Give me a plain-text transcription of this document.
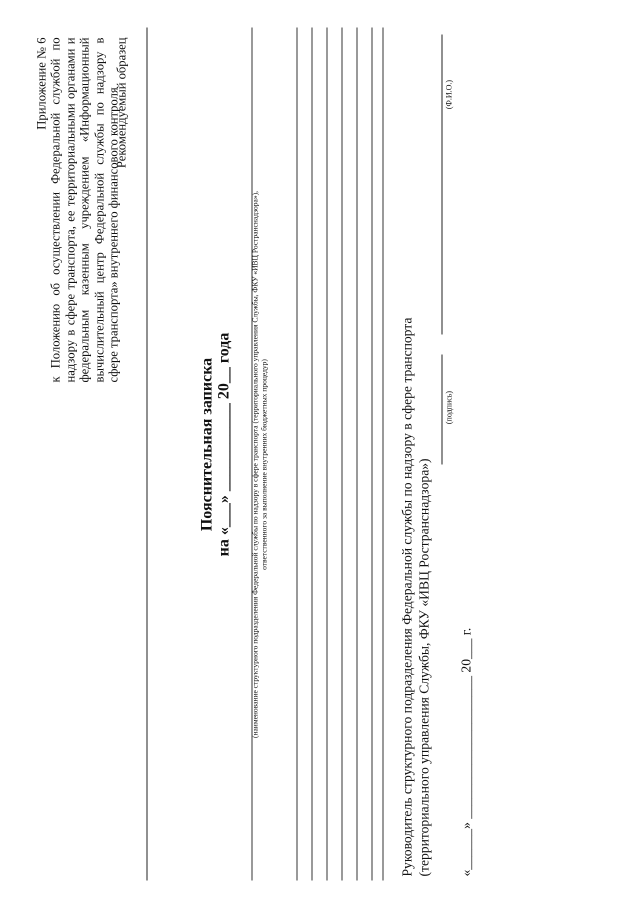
Приложение № 6 к Положению об осуществлении Федеральной службой по надзору в сфере транспорта, ее территориальными органами и федеральным казенным учреждением «Информационный вычислительный центр Федеральной службы по надзору в сфере транспорта» внутреннего финансового контроля
Рекомендуемый образец
Пояснительная записка на «___» ___________ 20__ года (наименование структурного подразделения Федеральной службы по надзору в сфере транспорта (территориального управления Службы, ФКУ «ИВЦ Ространснадзора»), ответственного за выполнение внутренних бюджетных процедур)	Руководитель структурного подразделения Федеральной службы по надзору в сфере транспорта (территориального управления Службы, ФКУ «ИВЦ Ространснадзора»)
(подпись)
(Ф.И.О.)
«______» _____________________ 20___ г.
